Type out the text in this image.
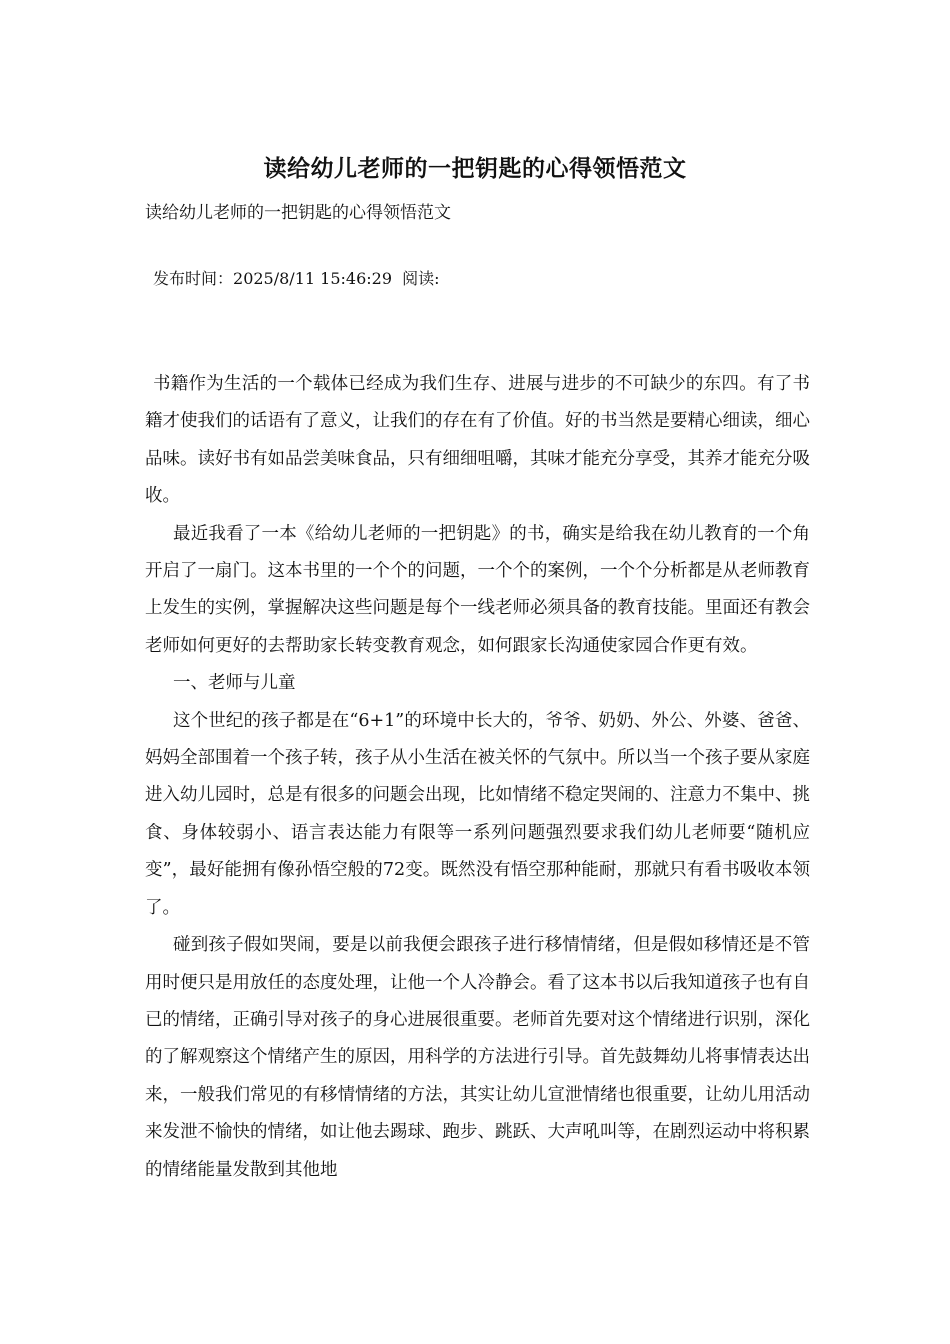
读给幼儿老师的一把钥匙的心得领悟范文
读给幼儿老师的一把钥匙的心得领悟范文
发布时间：2025/8/11 15:46:29 阅读:

书籍作为生活的一个载体已经成为我们生存、进展与进步的不可缺少的东四。有了书籍才使我们的话语有了意义，让我们的存在有了价值。好的书当然是要精心细读，细心品味。读好书有如品尝美味食品，只有细细咀嚼，其味才能充分享受，其养才能充分吸收。

最近我看了一本《给幼儿老师的一把钥匙》的书，确实是给我在幼儿教育的一个角开启了一扇门。这本书里的一个个的问题，一个个的案例，一个个分析都是从老师教育上发生的实例，掌握解决这些问题是每个一线老师必须具备的教育技能。里面还有教会老师如何更好的去帮助家长转变教育观念，如何跟家长沟通使家园合作更有效。

一、老师与儿童

这个世纪的孩子都是在“6+1”的环境中长大的，爷爷、奶奶、外公、外婆、爸爸、妈妈全部围着一个孩子转，孩子从小生活在被关怀的气氛中。所以当一个孩子要从家庭进入幼儿园时，总是有很多的问题会出现，比如情绪不稳定哭闹的、注意力不集中、挑食、身体较弱小、语言表达能力有限等一系列问题强烈要求我们幼儿老师要“随机应变”，最好能拥有像孙悟空般的72变。既然没有悟空那种能耐，那就只有看书吸收本领了。

碰到孩子假如哭闹，要是以前我便会跟孩子进行移情情绪，但是假如移情还是不管用时便只是用放任的态度处理，让他一个人冷静会。看了这本书以后我知道孩子也有自已的情绪，正确引导对孩子的身心进展很重要。老师首先要对这个情绪进行识别，深化的了解观察这个情绪产生的原因，用科学的方法进行引导。首先鼓舞幼儿将事情表达出来，一般我们常见的有移情情绪的方法，其实让幼儿宣泄情绪也很重要，让幼儿用活动来发泄不愉快的情绪，如让他去踢球、跑步、跳跃、大声吼叫等，在剧烈运动中将积累的情绪能量发散到其他地
